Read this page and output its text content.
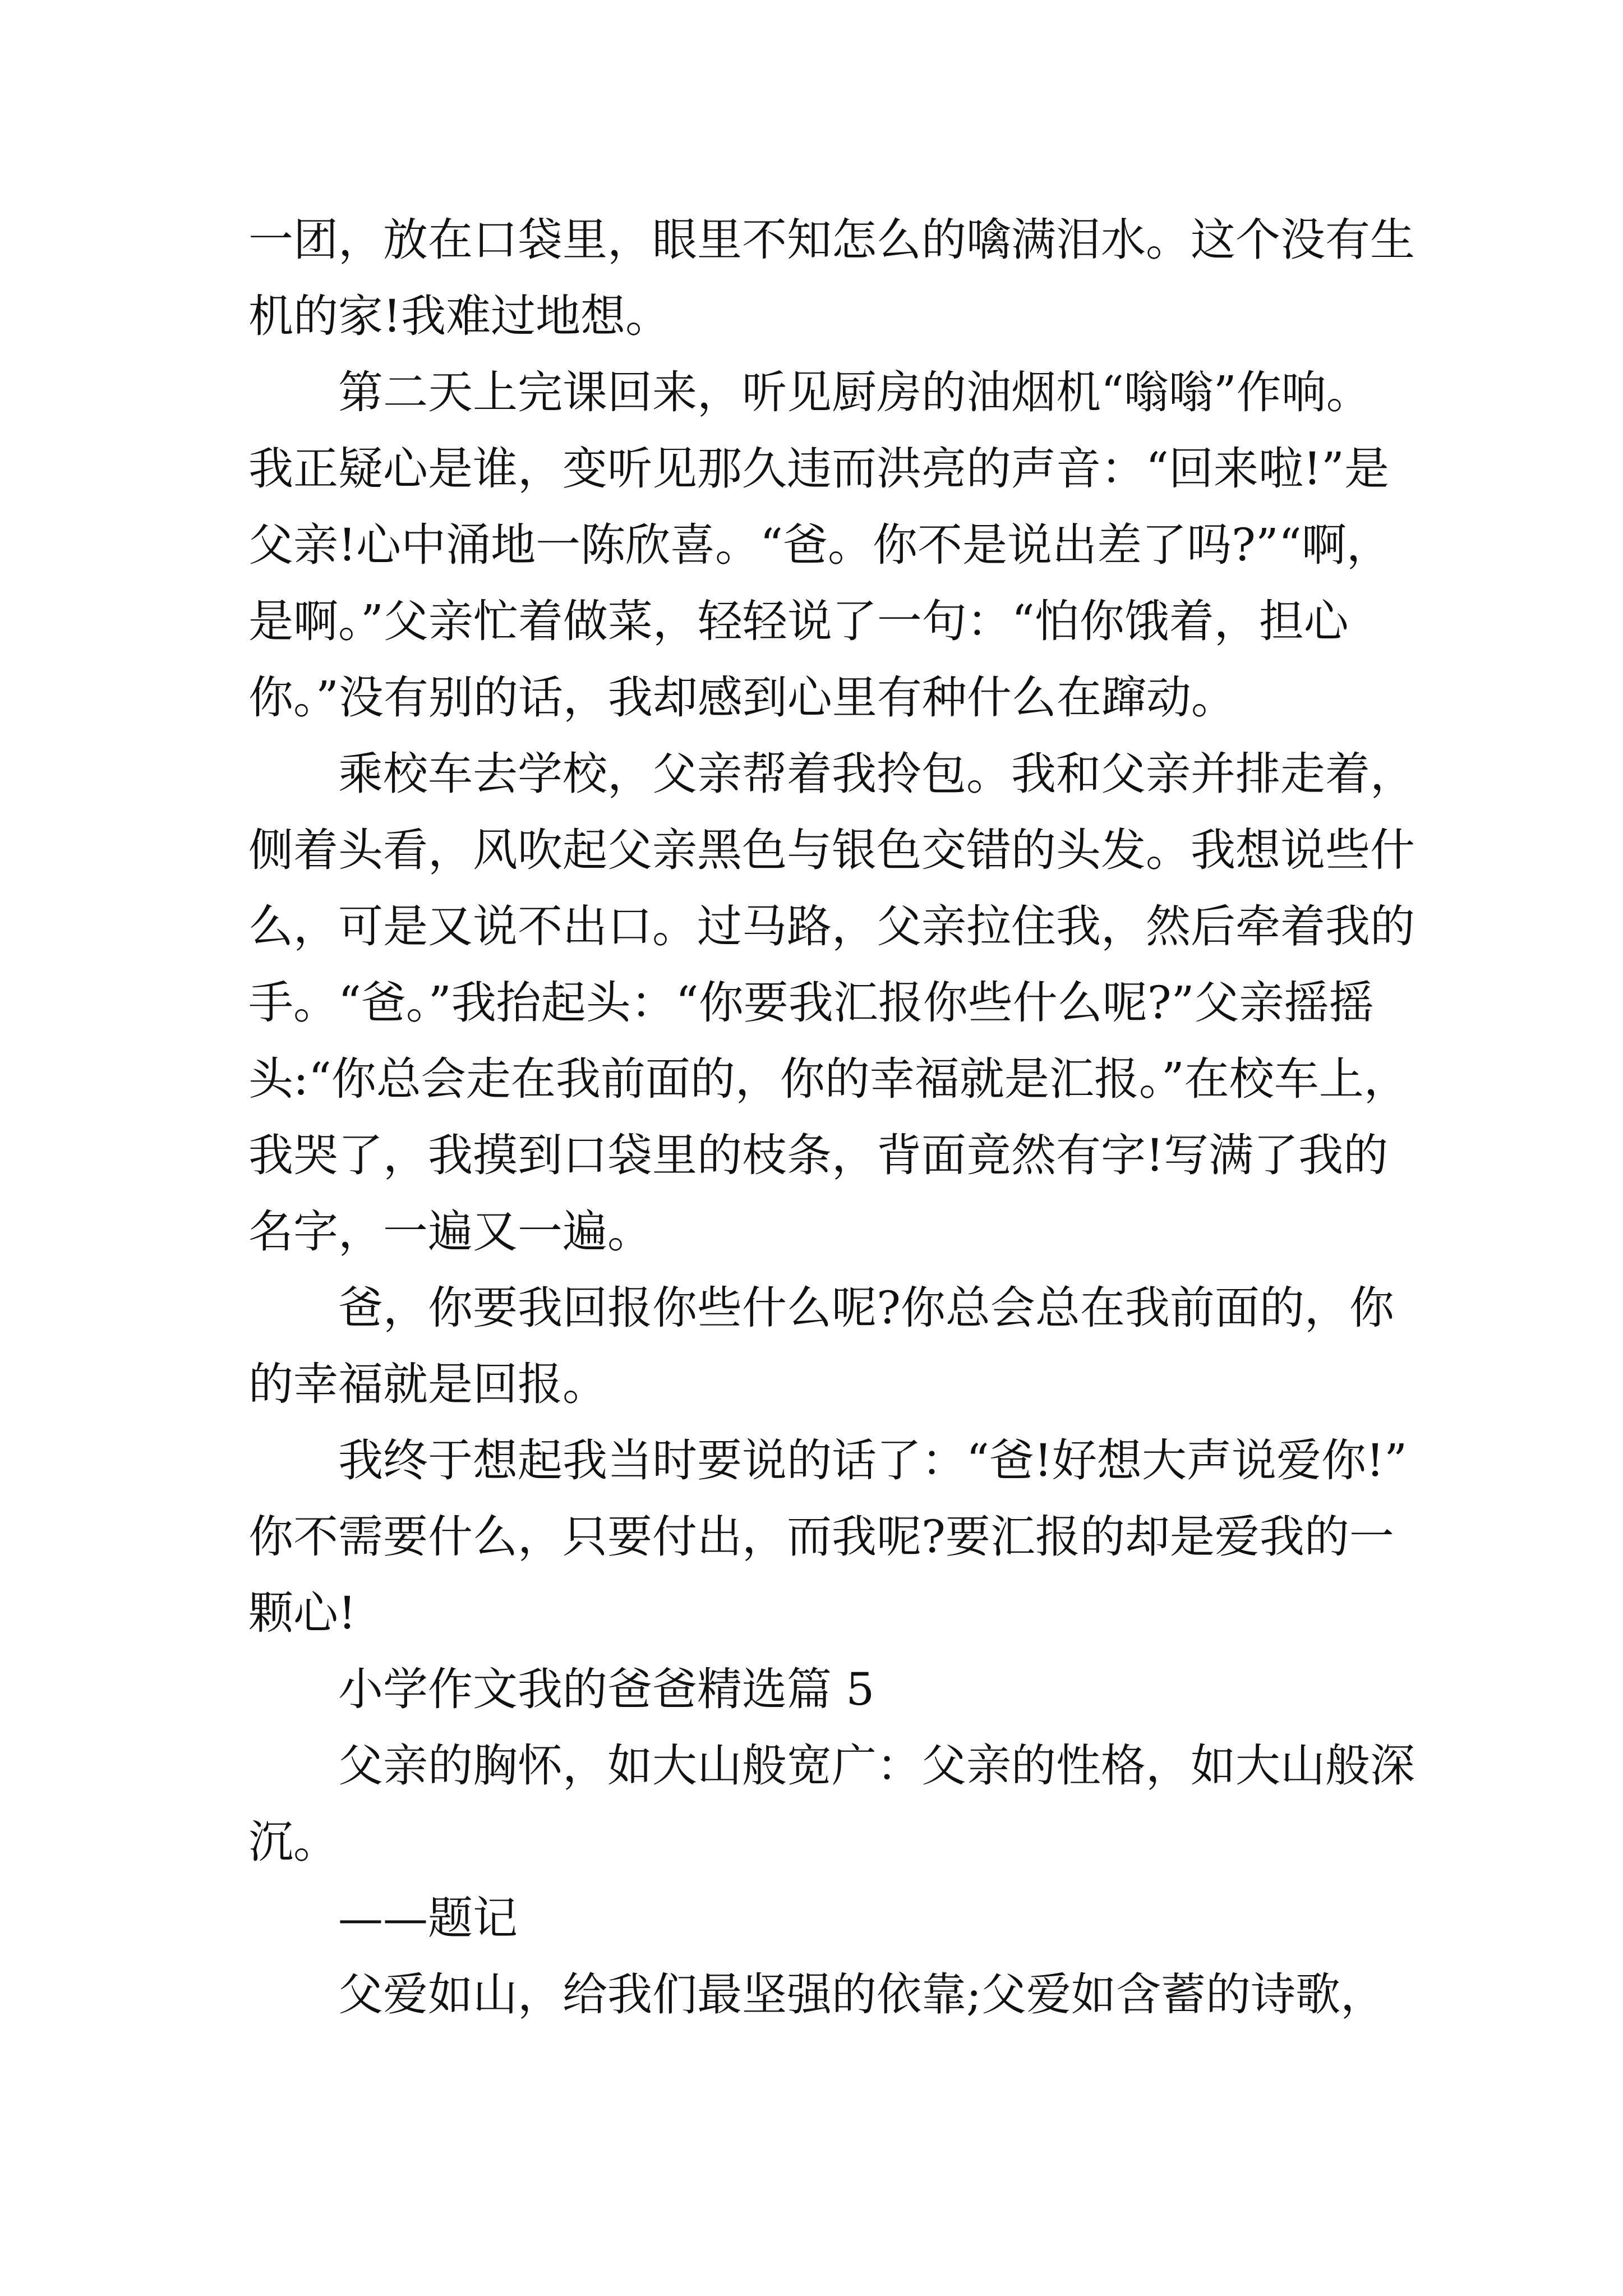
一团，放在口袋里，眼里不知怎么的噙满泪水。这个没有生
机的家!我难过地想。
第二天上完课回来，听见厨房的油烟机“嗡嗡”作响。
我正疑心是谁，变听见那久违而洪亮的声音：“回来啦!”是
父亲!心中涌地一陈欣喜。“爸。你不是说出差了吗?”“啊，
是啊。”父亲忙着做菜，轻轻说了一句：“怕你饿着，担心
你。”没有别的话，我却感到心里有种什么在蹿动。
乘校车去学校，父亲帮着我拎包。我和父亲并排走着，
侧着头看，风吹起父亲黑色与银色交错的头发。我想说些什
么，可是又说不出口。过马路，父亲拉住我，然后牵着我的
手。“爸。”我抬起头：“你要我汇报你些什么呢?”父亲摇摇
头:“你总会走在我前面的，你的幸福就是汇报。”在校车上，
我哭了，我摸到口袋里的枝条，背面竟然有字!写满了我的
名字，一遍又一遍。
爸，你要我回报你些什么呢?你总会总在我前面的，你
的幸福就是回报。
我终于想起我当时要说的话了：“爸!好想大声说爱你!”
你不需要什么，只要付出，而我呢?要汇报的却是爱我的一
颗心!
小学作文我的爸爸精选篇 5
父亲的胸怀，如大山般宽广：父亲的性格，如大山般深
沉。
——题记
父爱如山，给我们最坚强的依靠;父爱如含蓄的诗歌，
